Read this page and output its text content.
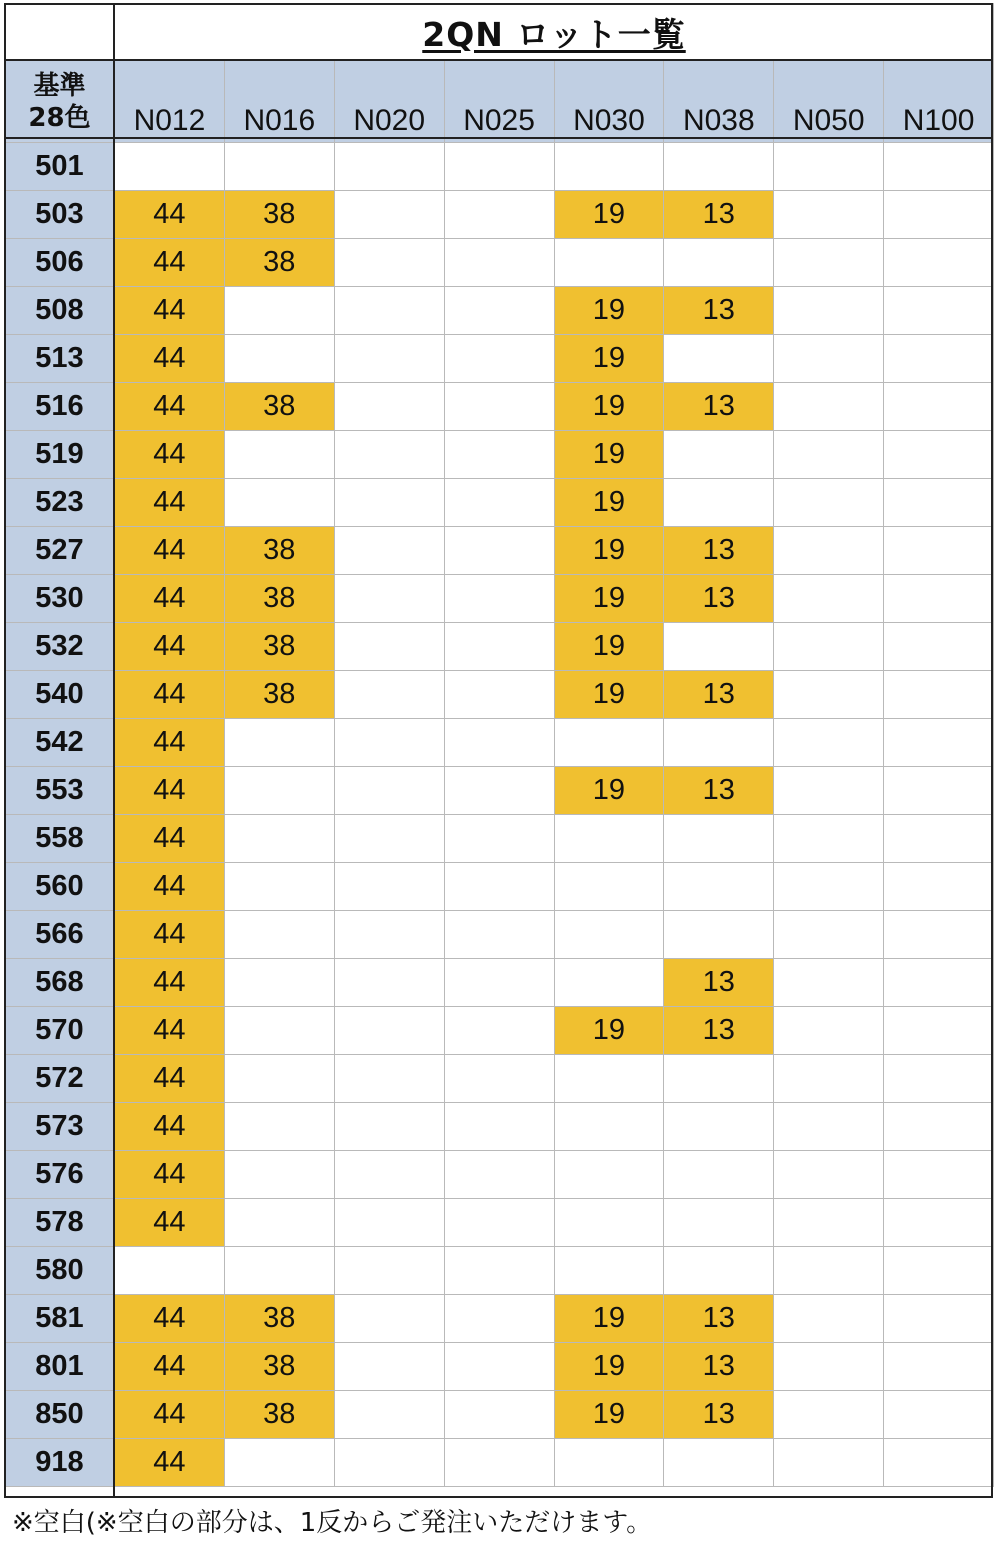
	2QN ロット一覧							

基準
28色	N012	N016	N020	N025	N030	N038	N050	N100
501								
503	44	38			19	13		
506	44	38						
508	44				19	13		
513	44				19			
516	44	38			19	13		
519	44				19			
523	44				19			
527	44	38			19	13		
530	44	38			19	13		
532	44	38			19			
540	44	38			19	13		
542	44							
553	44				19	13		
558	44							
560	44							
566	44							
568	44					13		
570	44				19	13		
572	44							
573	44							
576	44							
578	44							
580								
581	44	38			19	13		
801	44	38			19	13		
850	44	38			19	13		
918	44							
※空白(※空白の部分は、1反からご発注いただけます。
